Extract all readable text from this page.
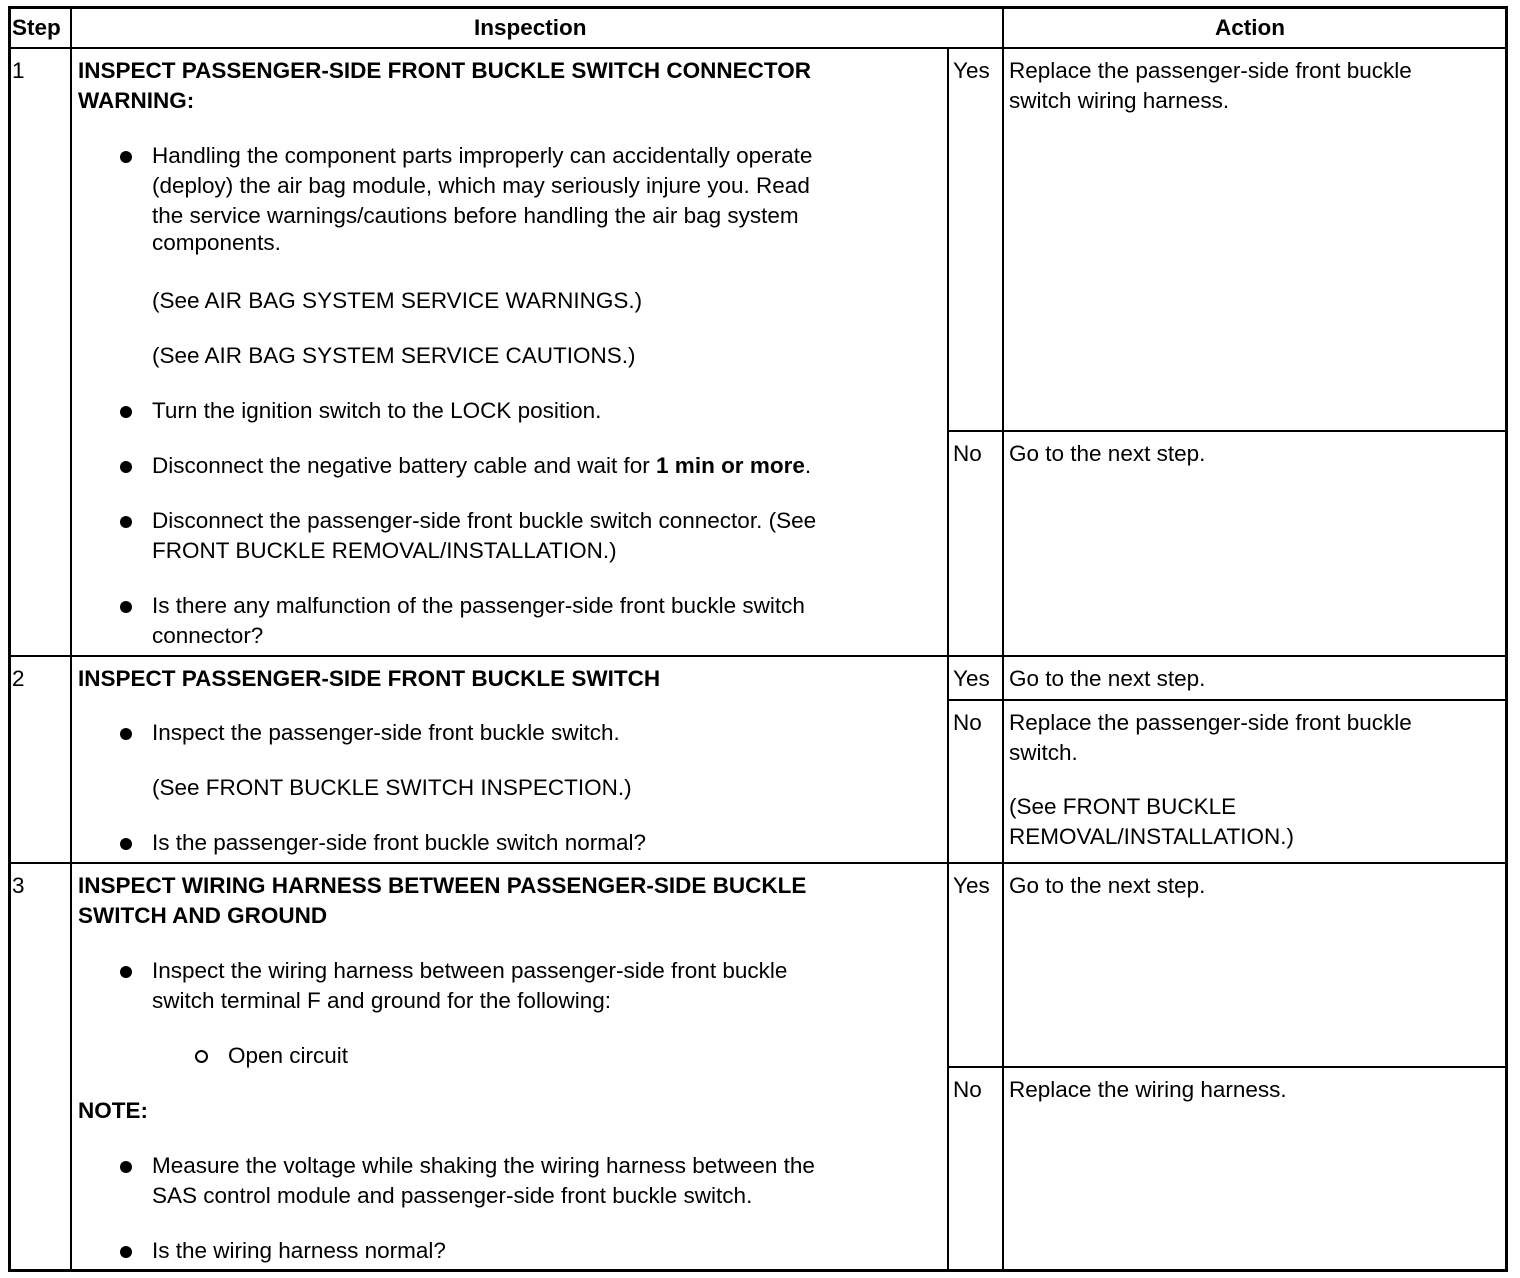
Step	Inspection	Action
1 INSPECT PASSENGER-SIDE FRONT BUCKLE SWITCH CONNECTOR
WARNING:
Handling the component parts improperly can accidentally operate
(deploy) the air bag module, which may seriously injure you. Read
the service warnings/cautions before handling the air bag system
components.
(See AIR BAG SYSTEM SERVICE WARNINGS.)
(See AIR BAG SYSTEM SERVICE CAUTIONS.)
Turn the ignition switch to the LOCK position.
Disconnect the negative battery cable and wait for 1 min or more.
Disconnect the passenger-side front buckle switch connector. (See
FRONT BUCKLE REMOVAL/INSTALLATION.)
Is there any malfunction of the passenger-side front buckle switch
connector?
Yes Replace the passenger-side front buckle
switch wiring harness.
No Go to the next step.
2 INSPECT PASSENGER-SIDE FRONT BUCKLE SWITCH
Inspect the passenger-side front buckle switch.
(See FRONT BUCKLE SWITCH INSPECTION.)
Is the passenger-side front buckle switch normal?
Yes Go to the next step.
No Replace the passenger-side front buckle
switch.
(See FRONT BUCKLE
REMOVAL/INSTALLATION.)
3 INSPECT WIRING HARNESS BETWEEN PASSENGER-SIDE BUCKLE
SWITCH AND GROUND
Inspect the wiring harness between passenger-side front buckle
switch terminal F and ground for the following:
Open circuit
NOTE:
Measure the voltage while shaking the wiring harness between the
SAS control module and passenger-side front buckle switch.
Is the wiring harness normal?
Yes Go to the next step.
No Replace the wiring harness.
